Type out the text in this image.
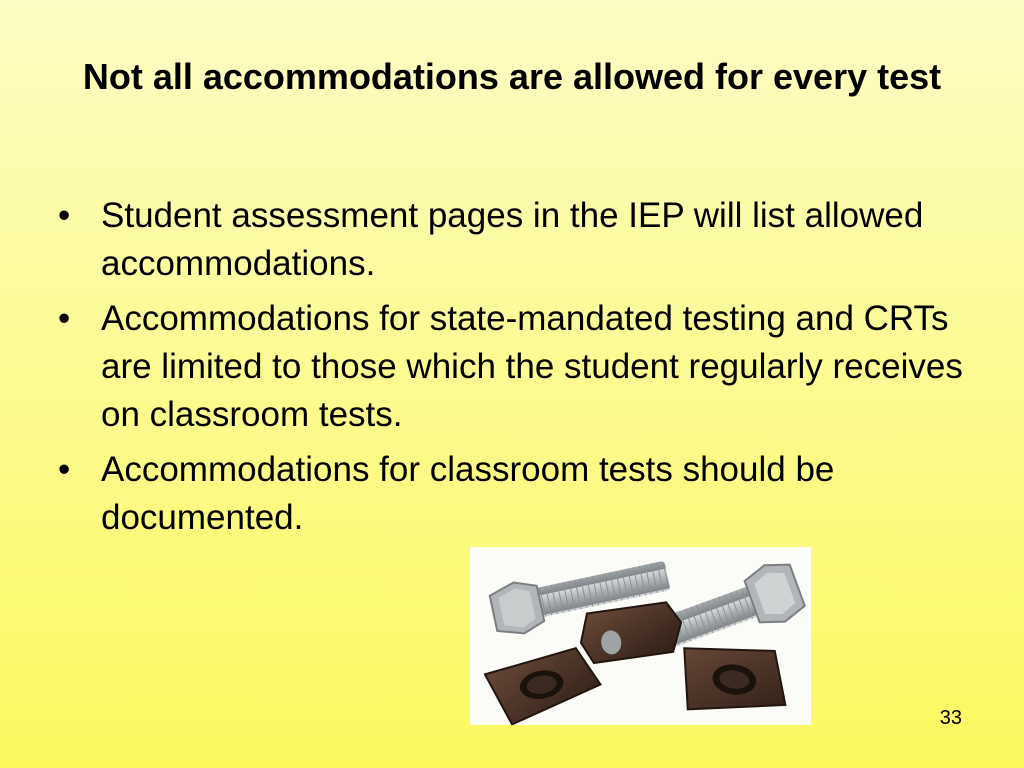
Not all accommodations are allowed for every test
• Student assessment pages in the IEP will list allowed accommodations.
• Accommodations for state-mandated testing and CRTs are limited to those which the student regularly receives on classroom tests.
• Accommodations for classroom tests should be documented.
33
